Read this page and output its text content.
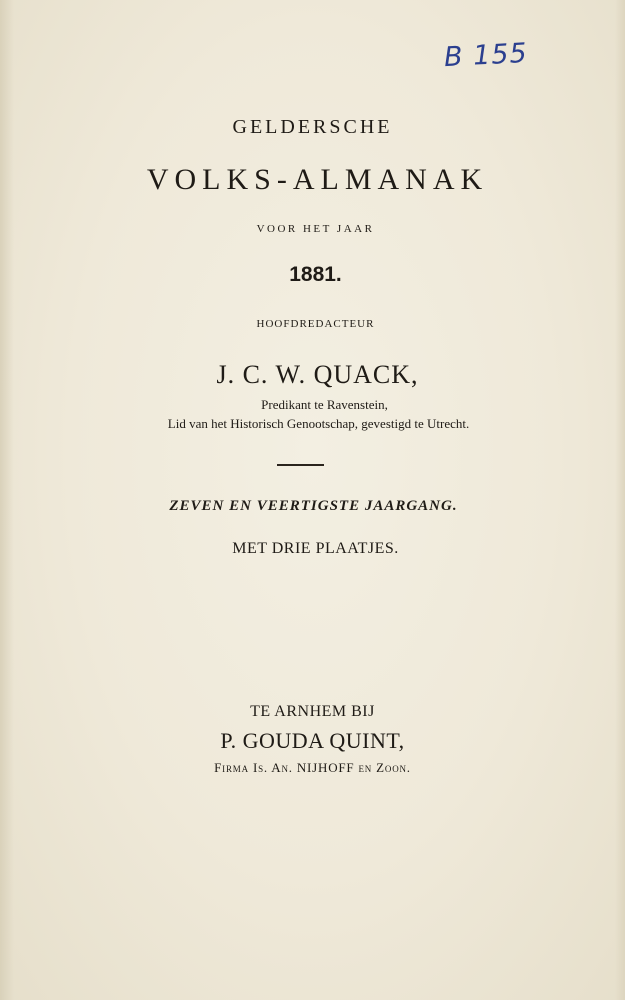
B 155
GELDERSCHE
VOLKS-ALMANAK
VOOR HET JAAR
1881.
HOOFDREDACTEUR
J. C. W. QUACK,
Predikant te Ravenstein,
Lid van het Historisch Genootschap, gevestigd te Utrecht.
ZEVEN EN VEERTIGSTE JAARGANG.
MET DRIE PLAATJES.
TE ARNHEM BIJ
P. GOUDA QUINT,
Firma Is. An. NIJHOFF en Zoon.
